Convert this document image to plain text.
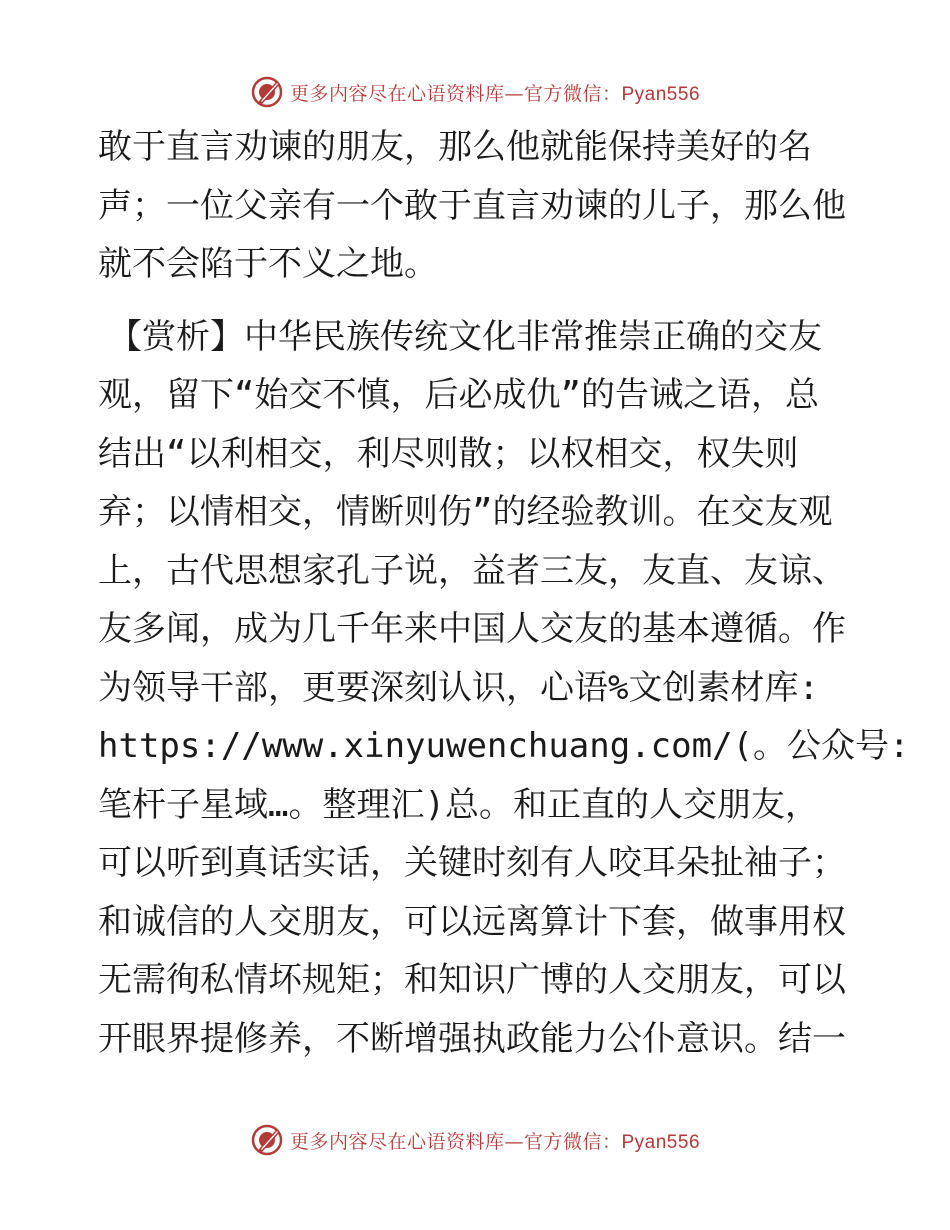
更多内容尽在心语资料库—官方微信：Pyan556
敢于直言劝谏的朋友，那么他就能保持美好的名
声；一位父亲有一个敢于直言劝谏的儿子，那么他
就不会陷于不义之地。
【赏析】中华民族传统文化非常推崇正确的交友
观，留下“始交不慎，后必成仇”的告诫之语，总
结出“以利相交，利尽则散；以权相交，权失则
弃；以情相交，情断则伤”的经验教训。在交友观
上，古代思想家孔子说，益者三友，友直、友谅、
友多闻，成为几千年来中国人交友的基本遵循。作
为领导干部，更要深刻认识，心语%文创素材库:
https://www.xinyuwenchuang.com/(。公众号:
笔杆子星域…。整理汇)总。和正直的人交朋友，
可以听到真话实话，关键时刻有人咬耳朵扯袖子；
和诚信的人交朋友，可以远离算计下套，做事用权
无需徇私情坏规矩；和知识广博的人交朋友，可以
开眼界提修养，不断增强执政能力公仆意识。结一
更多内容尽在心语资料库—官方微信：Pyan556
